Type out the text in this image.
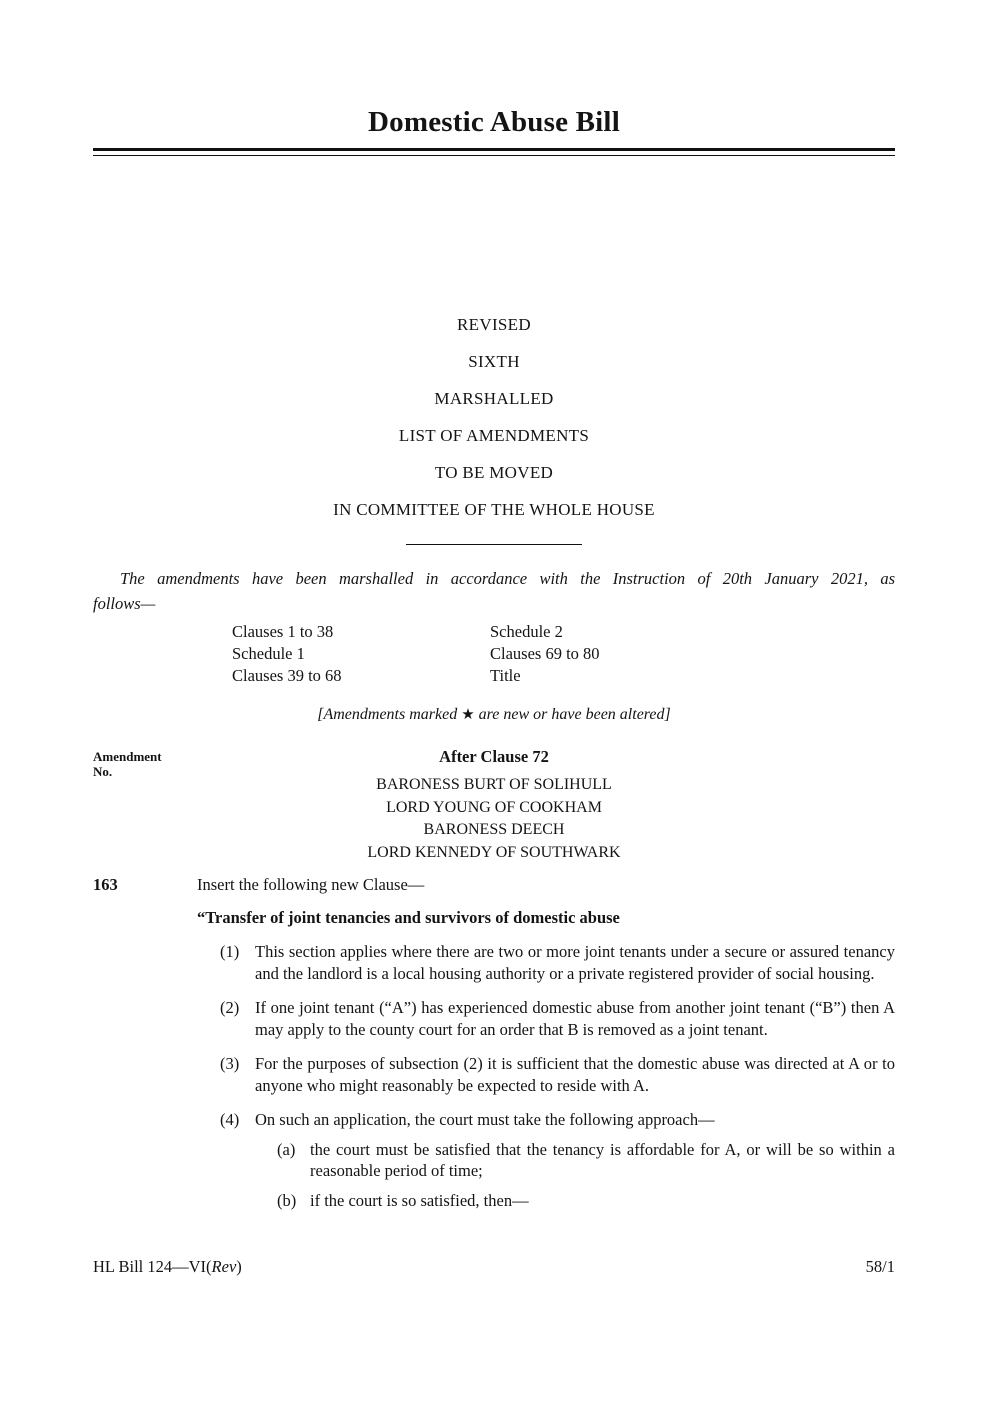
Domestic Abuse Bill
REVISED
SIXTH
MARSHALLED
LIST OF AMENDMENTS
TO BE MOVED
IN COMMITTEE OF THE WHOLE HOUSE
The amendments have been marshalled in accordance with the Instruction of 20th January 2021, as
follows—
Clauses 1 to 38	Schedule 2
Schedule 1	Clauses 69 to 80
Clauses 39 to 68	Title
[Amendments marked ★ are new or have been altered]
Amendment
No.
After Clause 72
BARONESS BURT OF SOLIHULL
LORD YOUNG OF COOKHAM
BARONESS DEECH
LORD KENNEDY OF SOUTHWARK
163	Insert the following new Clause—
“Transfer of joint tenancies and survivors of domestic abuse
(1) This section applies where there are two or more joint tenants under a secure or assured tenancy and the landlord is a local housing authority or a private registered provider of social housing.
(2) If one joint tenant (“A”) has experienced domestic abuse from another joint tenant (“B”) then A may apply to the county court for an order that B is removed as a joint tenant.
(3) For the purposes of subsection (2) it is sufficient that the domestic abuse was directed at A or to anyone who might reasonably be expected to reside with A.
(4) On such an application, the court must take the following approach—
(a) the court must be satisfied that the tenancy is affordable for A, or will be so within a reasonable period of time;
(b) if the court is so satisfied, then—
HL Bill 124—VI(Rev)	58/1
